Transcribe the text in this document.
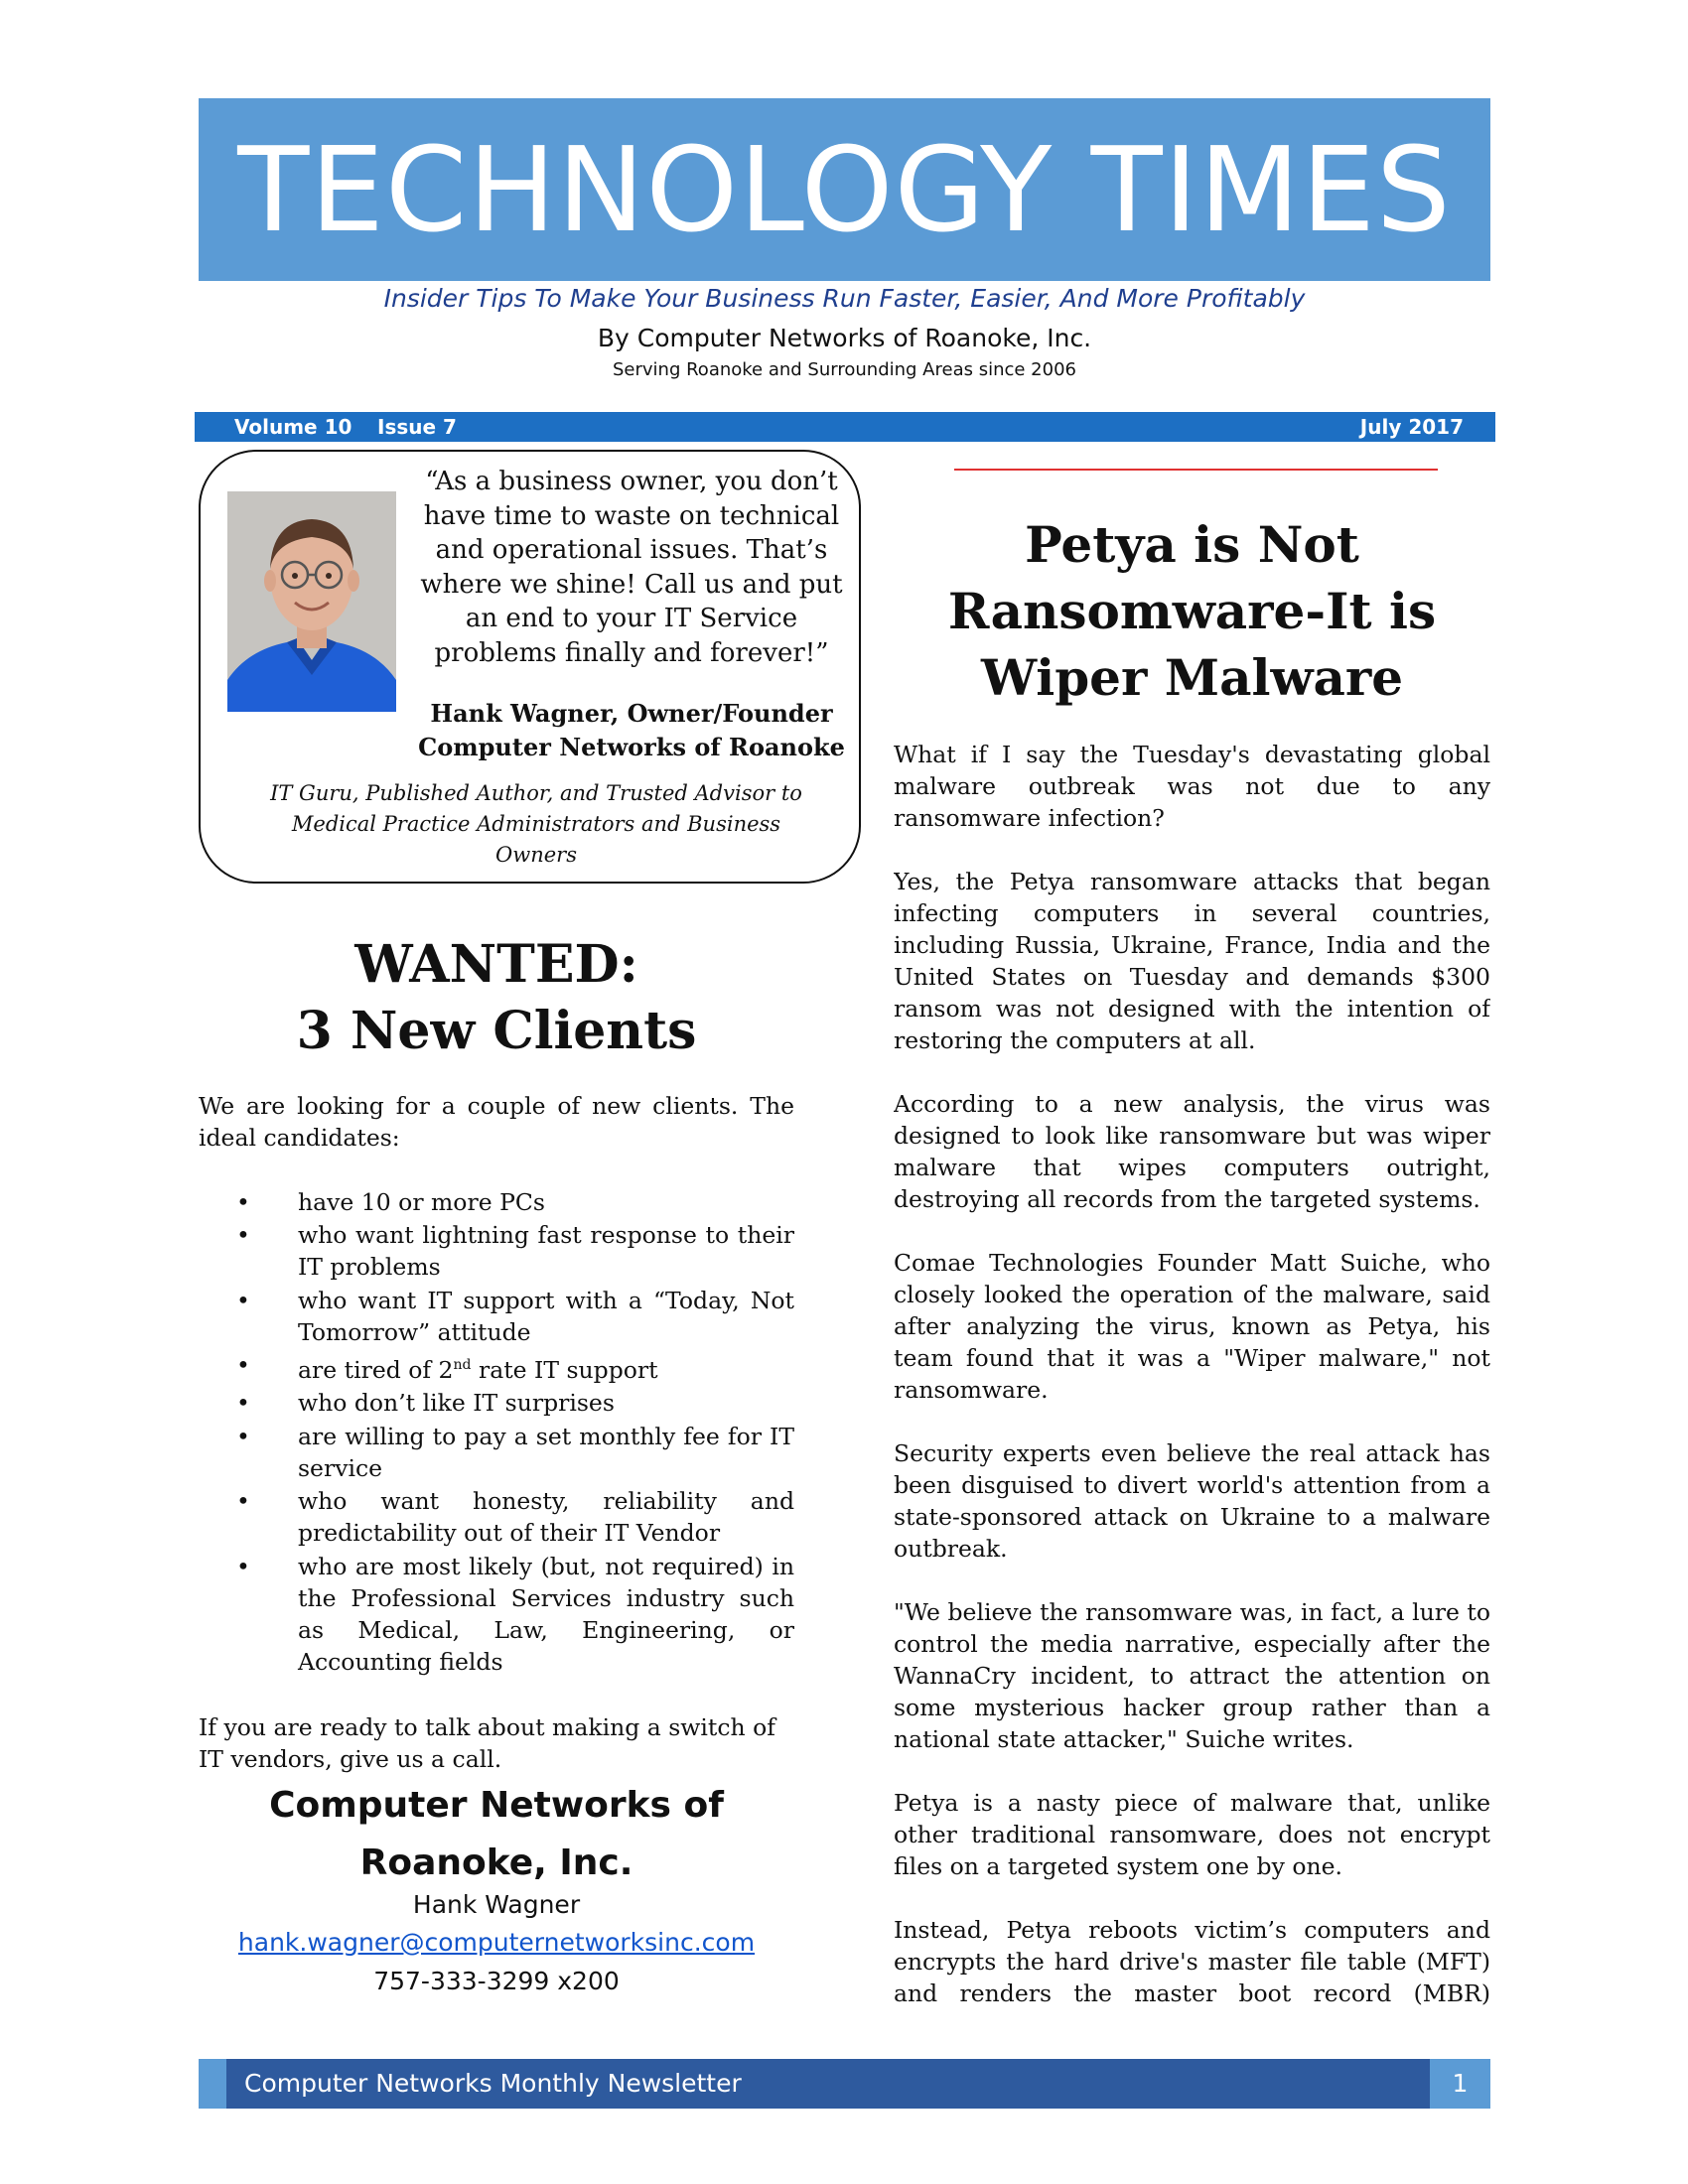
TECHNOLOGY TIMES
Insider Tips To Make Your Business Run Faster, Easier, And More Profitably
By Computer Networks of Roanoke, Inc.
Serving Roanoke and Surrounding Areas since 2006
Volume 10 Issue 7	July 2017
“As a business owner, you don’t have time to waste on technical and operational issues. That’s where we shine! Call us and put an end to your IT Service problems finally and forever!”
Hank Wagner, Owner/Founder
Computer Networks of Roanoke
IT Guru, Published Author, and Trusted Advisor to Medical Practice Administrators and Business Owners
WANTED:
3 New Clients
We are looking for a couple of new clients. The ideal candidates:
• have 10 or more PCs
• who want lightning fast response to their IT problems
• who want IT support with a “Today, Not Tomorrow” attitude
• are tired of 2nd rate IT support
• who don’t like IT surprises
• are willing to pay a set monthly fee for IT service
• who want honesty, reliability and predictability out of their IT Vendor
• who are most likely (but, not required) in the Professional Services industry such as Medical, Law, Engineering, or Accounting fields
If you are ready to talk about making a switch of IT vendors, give us a call.
Computer Networks of
Roanoke, Inc.
Hank Wagner
hank.wagner@computernetworksinc.com
757-333-3299 x200
Petya is Not
Ransomware-It is
Wiper Malware

What if I say the Tuesday's devastating global malware outbreak was not due to any ransomware infection?

Yes, the Petya ransomware attacks that began infecting computers in several countries, including Russia, Ukraine, France, India and the United States on Tuesday and demands $300 ransom was not designed with the intention of restoring the computers at all.

According to a new analysis, the virus was designed to look like ransomware but was wiper malware that wipes computers outright, destroying all records from the targeted systems.

Comae Technologies Founder Matt Suiche, who closely looked the operation of the malware, said after analyzing the virus, known as Petya, his team found that it was a "Wiper malware," not ransomware.

Security experts even believe the real attack has been disguised to divert world's attention from a state-sponsored attack on Ukraine to a malware outbreak.

"We believe the ransomware was, in fact, a lure to control the media narrative, especially after the WannaCry incident, to attract the attention on some mysterious hacker group rather than a national state attacker," Suiche writes.

Petya is a nasty piece of malware that, unlike other traditional ransomware, does not encrypt files on a targeted system one by one.

Instead, Petya reboots victim’s computers and encrypts the hard drive's master file table (MFT) and renders the master boot record (MBR)

Computer Networks Monthly Newsletter	1
